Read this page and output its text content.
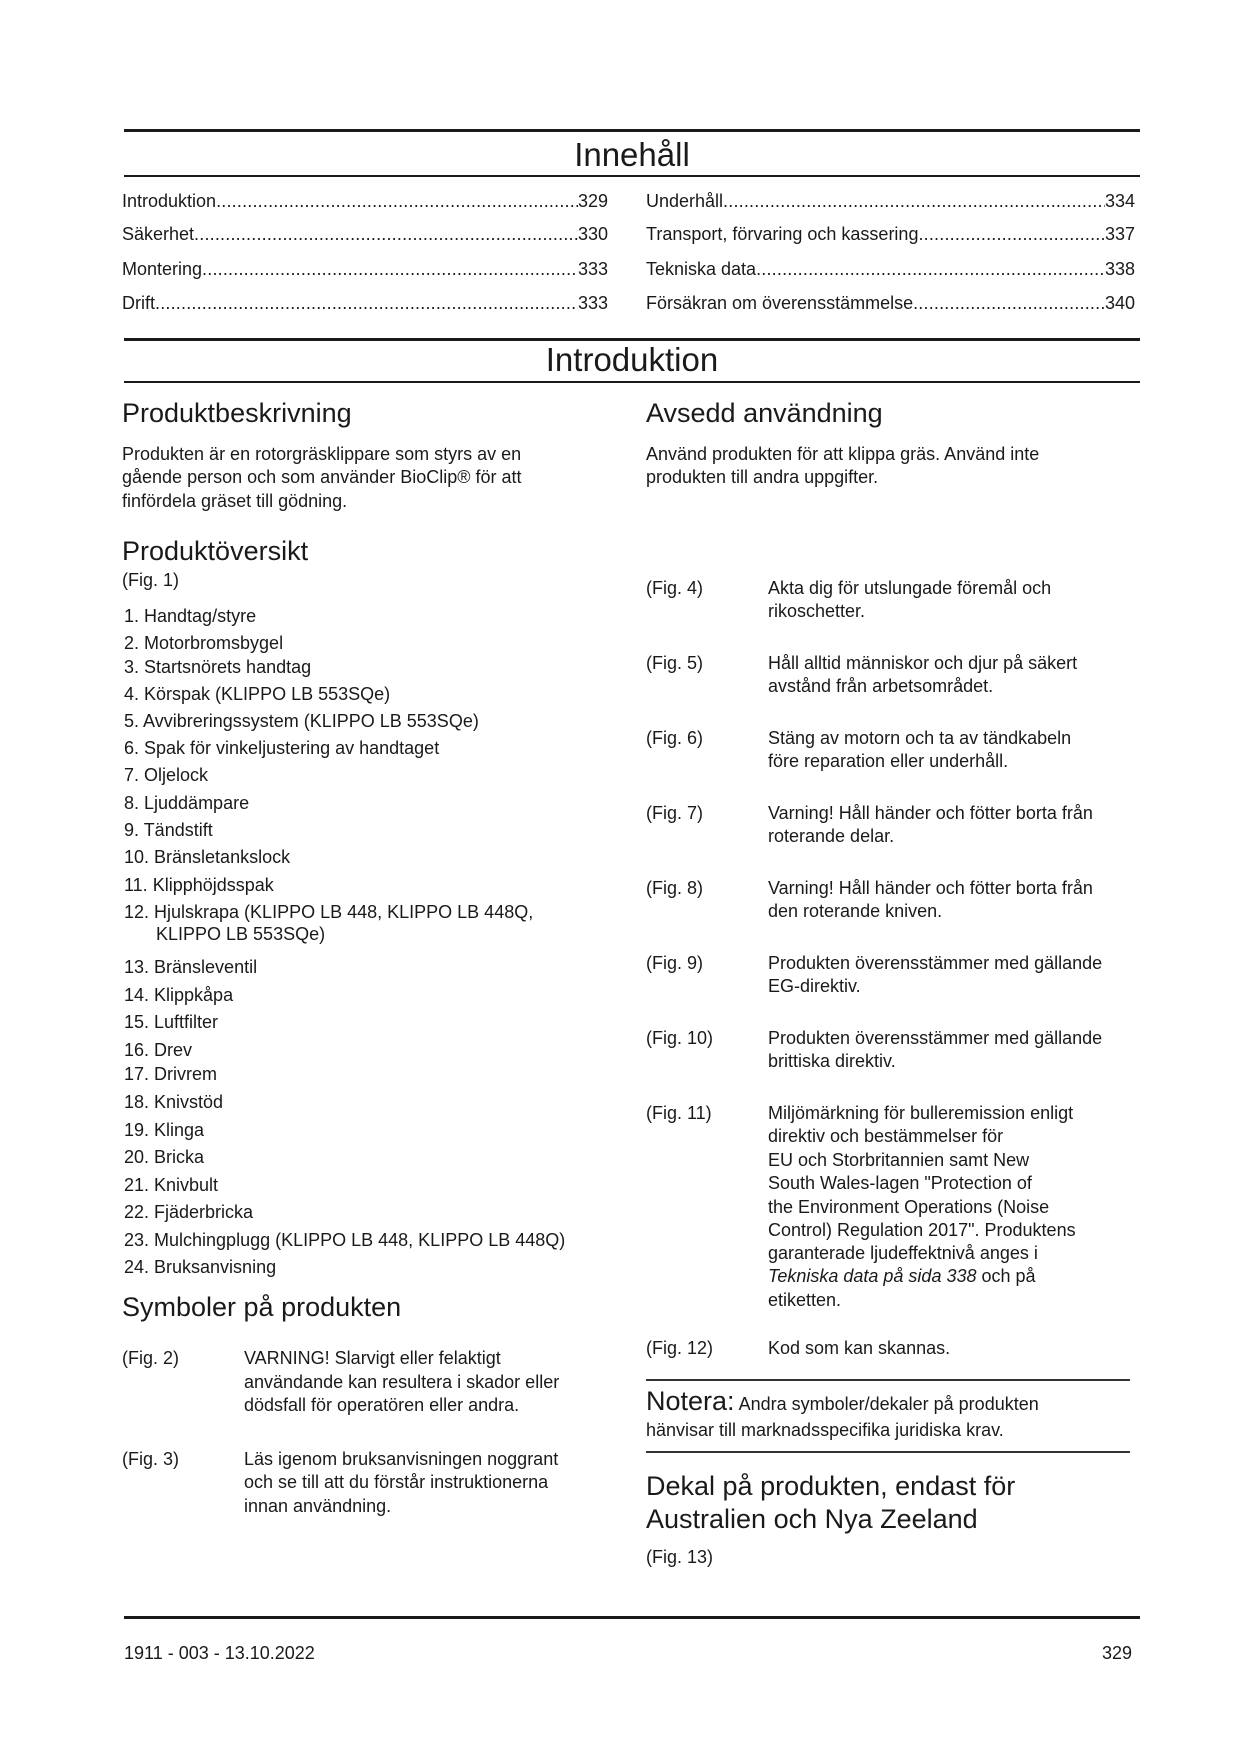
Innehåll
Introduktion .....	329
Säkerhet .....	330
Montering .....	333
Drift .....	333
Underhåll .....	334
Transport, förvaring och kassering .....	337
Tekniska data .....	338
Försäkran om överensstämmelse .....	340
Introduktion
Produktbeskrivning
Produkten är en rotorgräsklippare som styrs av en
gående person och som använder BioClip® för att
finfördela gräset till gödning.
Produktöversikt
(Fig. 1)
1. Handtag/styre
2. Motorbromsbygel
3. Startsnörets handtag
4. Körspak (KLIPPO LB 553SQe)
5. Avvibreringssystem (KLIPPO LB 553SQe)
6. Spak för vinkeljustering av handtaget
7. Oljelock
8. Ljuddämpare
9. Tändstift
10. Bränsletankslock
11. Klipphöjdsspak
12. Hjulskrapa (KLIPPO LB 448, KLIPPO LB 448Q,
KLIPPO LB 553SQe)
13. Bränsleventil
14. Klippkåpa
15. Luftfilter
16. Drev
17. Drivrem
18. Knivstöd
19. Klinga
20. Bricka
21. Knivbult
22. Fjäderbricka
23. Mulchingplugg (KLIPPO LB 448, KLIPPO LB 448Q)
24. Bruksanvisning
Symboler på produkten
(Fig. 2)	VARNING! Slarvigt eller felaktigt
användande kan resultera i skador eller
dödsfall för operatören eller andra.
(Fig. 3)	Läs igenom bruksanvisningen noggrant
och se till att du förstår instruktionerna
innan användning.
Avsedd användning
Använd produkten för att klippa gräs. Använd inte
produkten till andra uppgifter.
(Fig. 4)	Akta dig för utslungade föremål och
rikoschetter.
(Fig. 5)	Håll alltid människor och djur på säkert
avstånd från arbetsområdet.
(Fig. 6)	Stäng av motorn och ta av tändkabeln
före reparation eller underhåll.
(Fig. 7)	Varning! Håll händer och fötter borta från
roterande delar.
(Fig. 8)	Varning! Håll händer och fötter borta från
den roterande kniven.
(Fig. 9)	Produkten överensstämmer med gällande
EG-direktiv.
(Fig. 10)	Produkten överensstämmer med gällande
brittiska direktiv.
(Fig. 11)	Miljömärkning för bulleremission enligt
direktiv och bestämmelser för
EU och Storbritannien samt New
South Wales-lagen "Protection of
the Environment Operations (Noise
Control) Regulation 2017". Produktens
garanterade ljudeffektnivå anges i
Tekniska data på sida 338 och på
etiketten.
(Fig. 12)	Kod som kan skannas.
Notera: Andra symboler/dekaler på produkten
hänvisar till marknadsspecifika juridiska krav.
Dekal på produkten, endast för
Australien och Nya Zeeland
(Fig. 13)
1911 - 003 - 13.10.2022	329
